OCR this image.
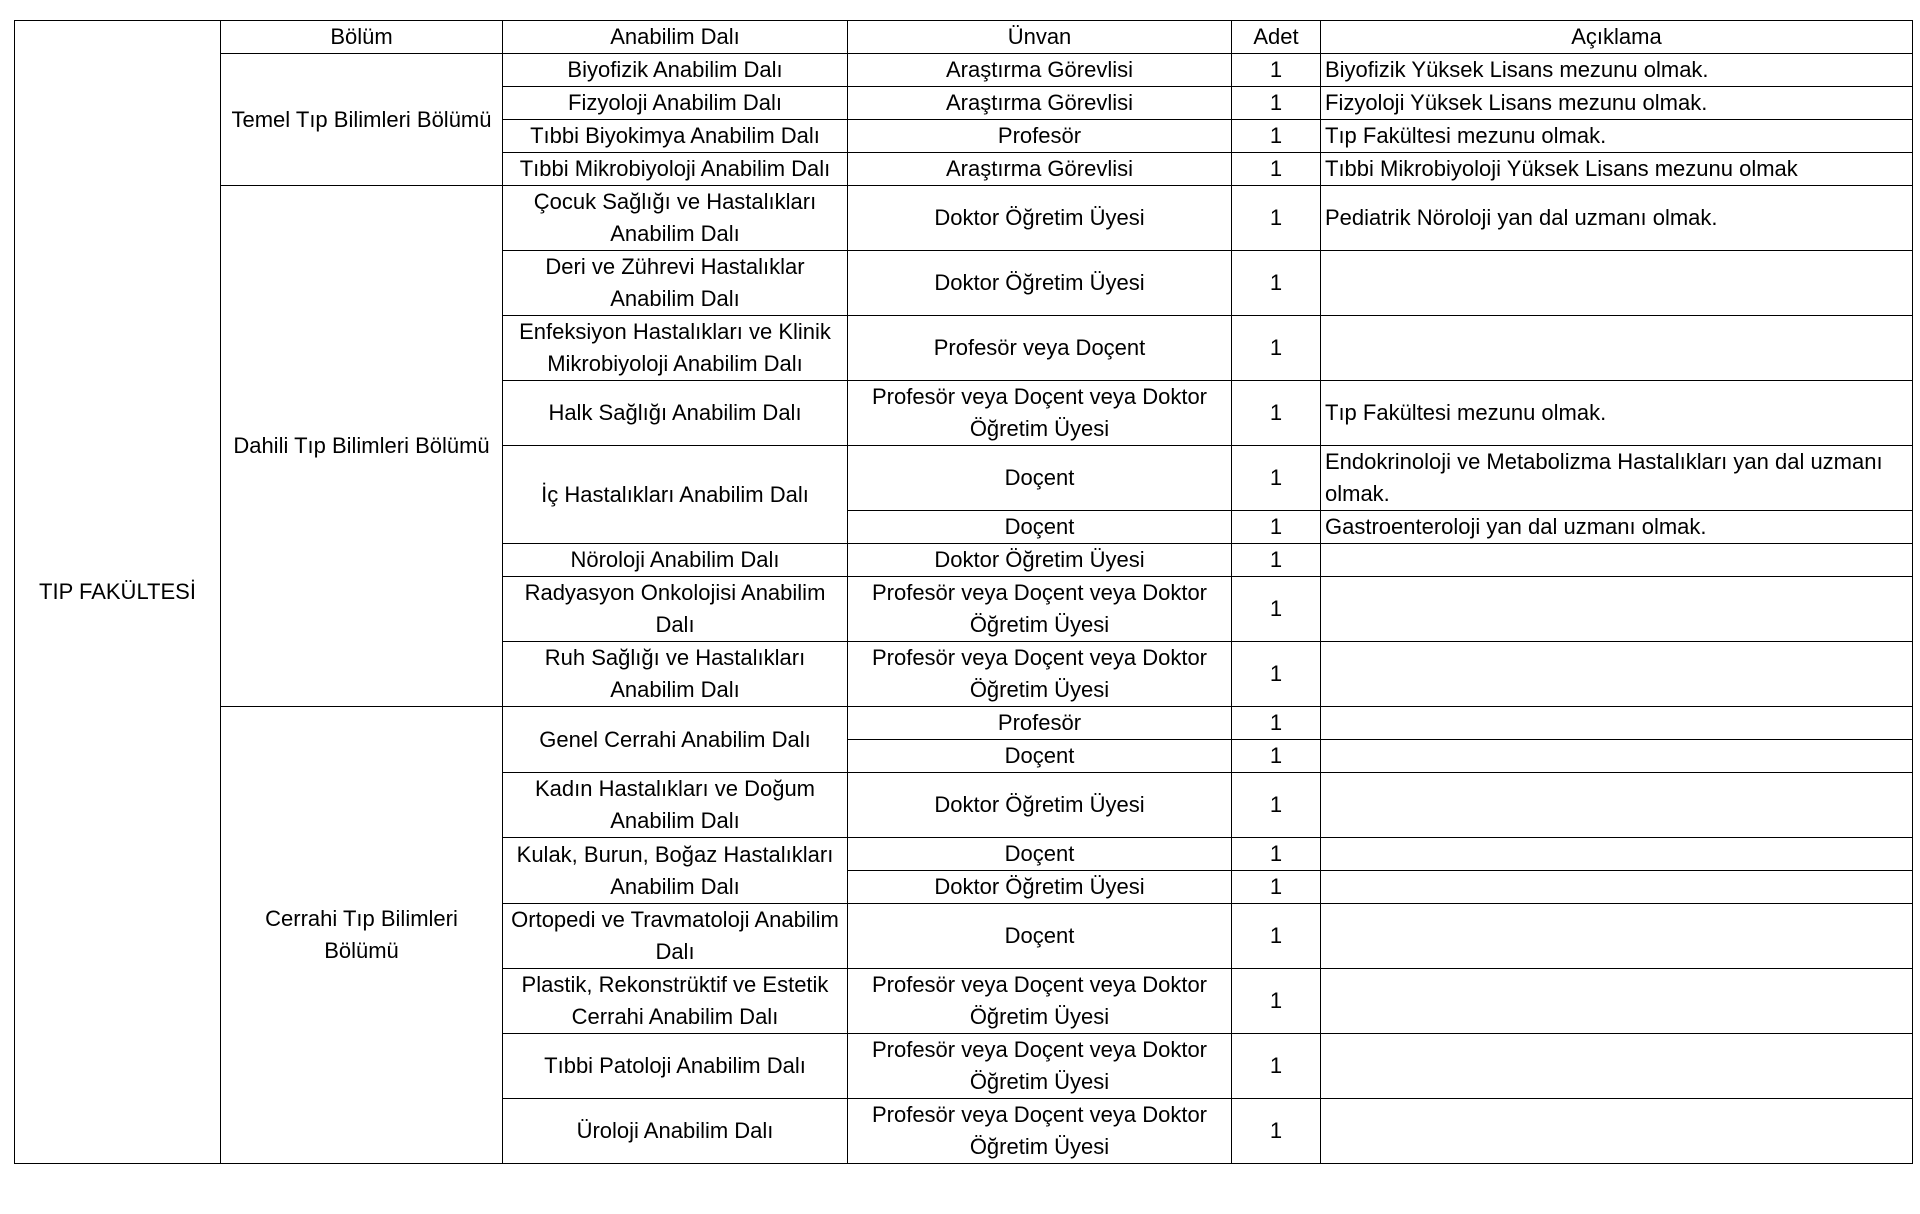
TIP FAKÜLTESİ	Bölüm	Anabilim Dalı	Ünvan	Adet	Açıklama
	Temel Tıp Bilimleri Bölümü	Biyofizik Anabilim Dalı	Araştırma Görevlisi	1	Biyofizik Yüksek Lisans mezunu olmak.
		Fizyoloji Anabilim Dalı	Araştırma Görevlisi	1	Fizyoloji Yüksek Lisans mezunu olmak.
		Tıbbi Biyokimya Anabilim Dalı	Profesör	1	Tıp Fakültesi mezunu olmak.
		Tıbbi Mikrobiyoloji Anabilim Dalı	Araştırma Görevlisi	1	Tıbbi Mikrobiyoloji Yüksek Lisans mezunu olmak
	Dahili Tıp Bilimleri Bölümü	Çocuk Sağlığı ve Hastalıkları Anabilim Dalı	Doktor Öğretim Üyesi	1	Pediatrik Nöroloji yan dal uzmanı olmak.
		Deri ve Zührevi Hastalıklar Anabilim Dalı	Doktor Öğretim Üyesi	1	
		Enfeksiyon Hastalıkları ve Klinik Mikrobiyoloji Anabilim Dalı	Profesör veya Doçent	1	
		Halk Sağlığı Anabilim Dalı	Profesör veya Doçent veya Doktor Öğretim Üyesi	1	Tıp Fakültesi mezunu olmak.
		İç Hastalıkları Anabilim Dalı	Doçent	1	Endokrinoloji ve Metabolizma Hastalıkları yan dal uzmanı olmak.
			Doçent	1	Gastroenteroloji yan dal uzmanı olmak.
		Nöroloji Anabilim Dalı	Doktor Öğretim Üyesi	1	
		Radyasyon Onkolojisi Anabilim Dalı	Profesör veya Doçent veya Doktor Öğretim Üyesi	1	
		Ruh Sağlığı ve Hastalıkları Anabilim Dalı	Profesör veya Doçent veya Doktor Öğretim Üyesi	1	
	Cerrahi Tıp Bilimleri Bölümü	Genel Cerrahi Anabilim Dalı	Profesör	1	
			Doçent	1	
		Kadın Hastalıkları ve Doğum Anabilim Dalı	Doktor Öğretim Üyesi	1	
		Kulak, Burun, Boğaz Hastalıkları Anabilim Dalı	Doçent	1	
			Doktor Öğretim Üyesi	1	
		Ortopedi ve Travmatoloji Anabilim Dalı	Doçent	1	
		Plastik, Rekonstrüktif ve Estetik Cerrahi Anabilim Dalı	Profesör veya Doçent veya Doktor Öğretim Üyesi	1	
		Tıbbi Patoloji Anabilim Dalı	Profesör veya Doçent veya Doktor Öğretim Üyesi	1	
		Üroloji Anabilim Dalı	Profesör veya Doçent veya Doktor Öğretim Üyesi	1	
